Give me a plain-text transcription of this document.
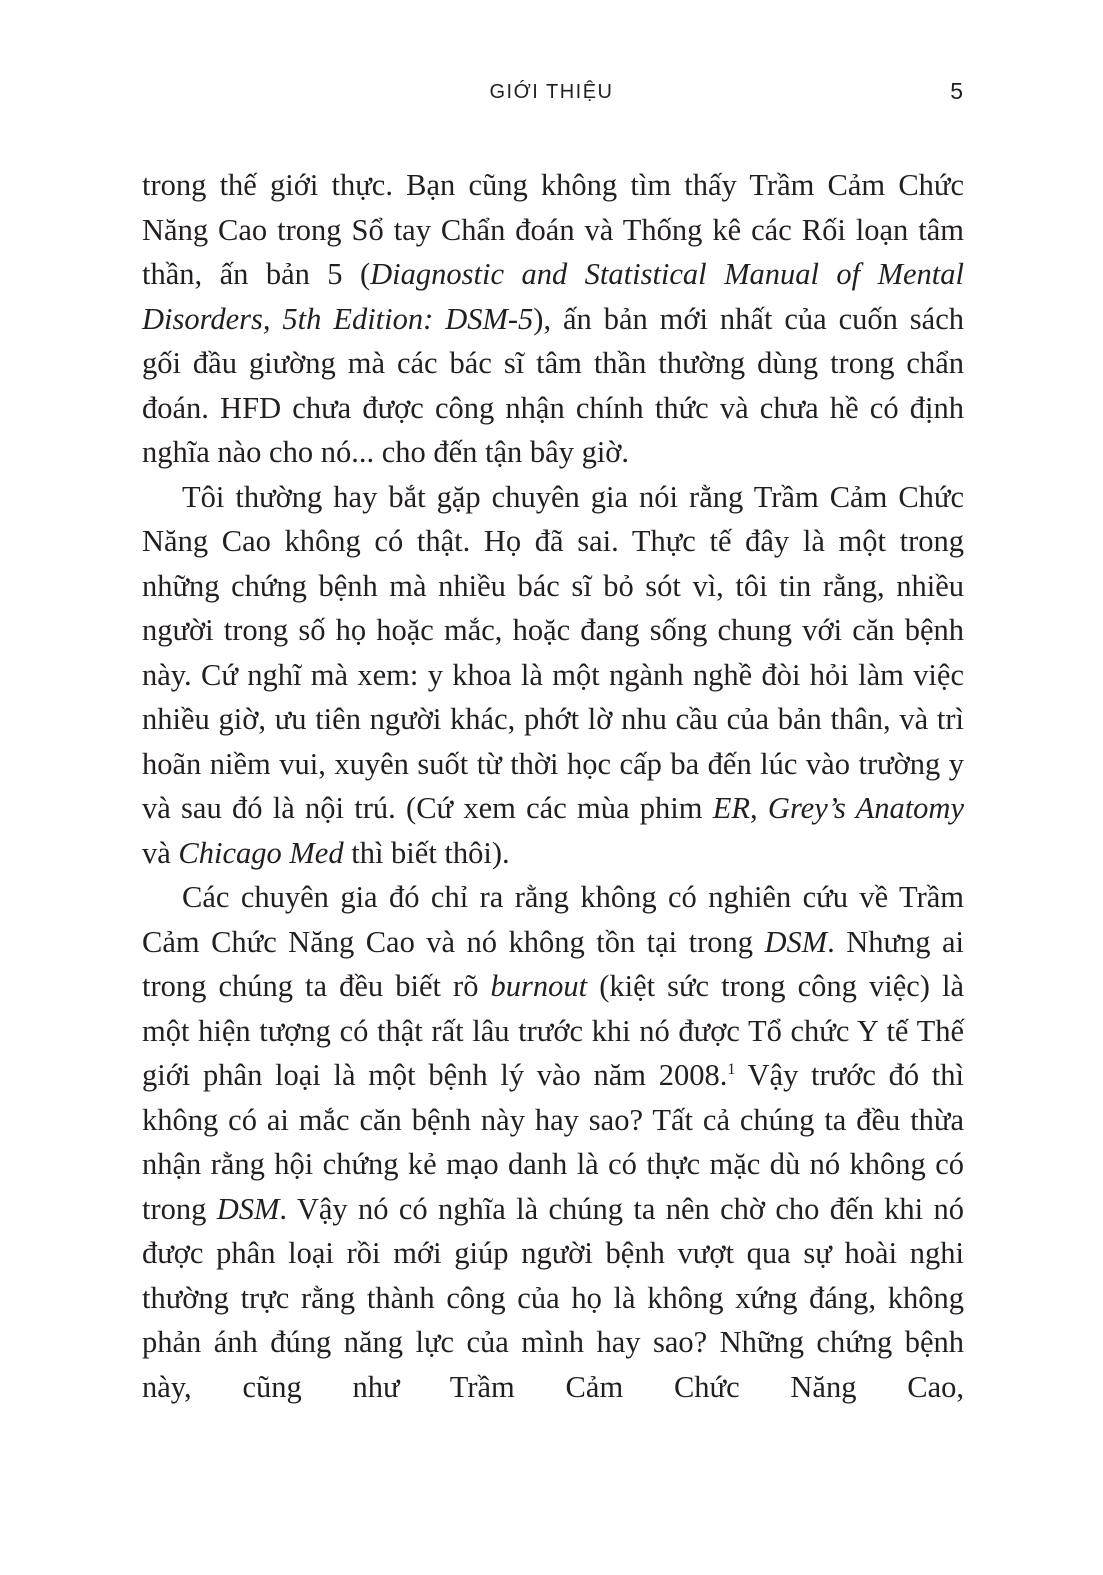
GIỚI THIỆU	5

trong thế giới thực. Bạn cũng không tìm thấy Trầm Cảm Chức Năng Cao trong Sổ tay Chẩn đoán và Thống kê các Rối loạn tâm thần, ấn bản 5 (Diagnostic and Statistical Manual of Mental Disorders, 5th Edition: DSM-5), ấn bản mới nhất của cuốn sách gối đầu giường mà các bác sĩ tâm thần thường dùng trong chẩn đoán. HFD chưa được công nhận chính thức và chưa hề có định nghĩa nào cho nó... cho đến tận bây giờ.

Tôi thường hay bắt gặp chuyên gia nói rằng Trầm Cảm Chức Năng Cao không có thật. Họ đã sai. Thực tế đây là một trong những chứng bệnh mà nhiều bác sĩ bỏ sót vì, tôi tin rằng, nhiều người trong số họ hoặc mắc, hoặc đang sống chung với căn bệnh này. Cứ nghĩ mà xem: y khoa là một ngành nghề đòi hỏi làm việc nhiều giờ, ưu tiên người khác, phớt lờ nhu cầu của bản thân, và trì hoãn niềm vui, xuyên suốt từ thời học cấp ba đến lúc vào trường y và sau đó là nội trú. (Cứ xem các mùa phim ER, Grey’s Anatomy và Chicago Med thì biết thôi).

Các chuyên gia đó chỉ ra rằng không có nghiên cứu về Trầm Cảm Chức Năng Cao và nó không tồn tại trong DSM. Nhưng ai trong chúng ta đều biết rõ burnout (kiệt sức trong công việc) là một hiện tượng có thật rất lâu trước khi nó được Tổ chức Y tế Thế giới phân loại là một bệnh lý vào năm 2008.$^1$ Vậy trước đó thì không có ai mắc căn bệnh này hay sao? Tất cả chúng ta đều thừa nhận rằng hội chứng kẻ mạo danh là có thực mặc dù nó không có trong DSM. Vậy nó có nghĩa là chúng ta nên chờ cho đến khi nó được phân loại rồi mới giúp người bệnh vượt qua sự hoài nghi thường trực rằng thành công của họ là không xứng đáng, không phản ánh đúng năng lực của mình hay sao? Những chứng bệnh này, cũng như Trầm Cảm Chức Năng Cao,
